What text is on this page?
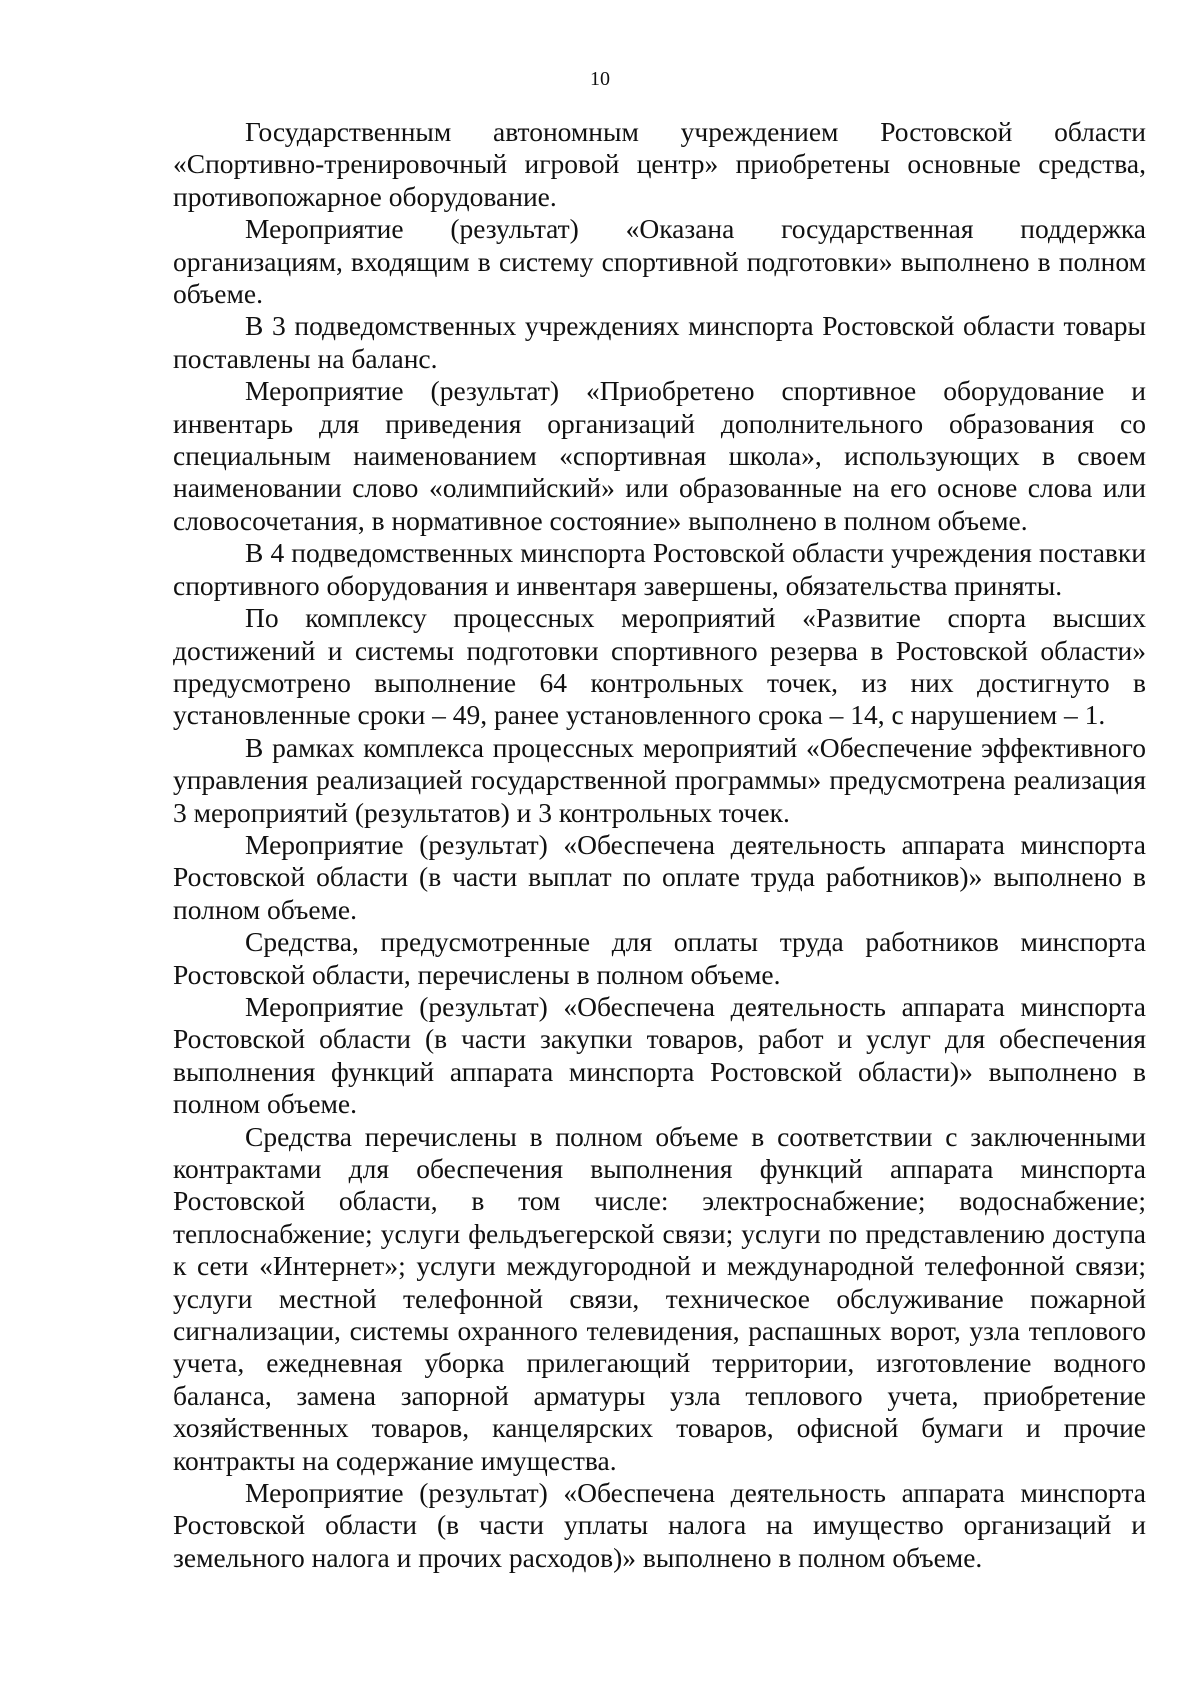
10

Государственным автономным учреждением Ростовской области «Спортивно-тренировочный игровой центр» приобретены основные средства, противопожарное оборудование.

Мероприятие (результат) «Оказана государственная поддержка организациям, входящим в систему спортивной подготовки» выполнено в полном объеме.

В 3 подведомственных учреждениях минспорта Ростовской области товары поставлены на баланс.

Мероприятие (результат) «Приобретено спортивное оборудование и инвентарь для приведения организаций дополнительного образования со специальным наименованием «спортивная школа», использующих в своем наименовании слово «олимпийский» или образованные на его основе слова или словосочетания, в нормативное состояние» выполнено в полном объеме.

В 4 подведомственных минспорта Ростовской области учреждения поставки спортивного оборудования и инвентаря завершены, обязательства приняты.

По комплексу процессных мероприятий «Развитие спорта высших достижений и системы подготовки спортивного резерва в Ростовской области» предусмотрено выполнение 64 контрольных точек, из них достигнуто в установленные сроки – 49, ранее установленного срока – 14, с нарушением – 1.

В рамках комплекса процессных мероприятий «Обеспечение эффективного управления реализацией государственной программы» предусмотрена реализация 3 мероприятий (результатов) и 3 контрольных точек.

Мероприятие (результат) «Обеспечена деятельность аппарата минспорта Ростовской области (в части выплат по оплате труда работников)» выполнено в полном объеме.

Средства, предусмотренные для оплаты труда работников минспорта Ростовской области, перечислены в полном объеме.

Мероприятие (результат) «Обеспечена деятельность аппарата минспорта Ростовской области (в части закупки товаров, работ и услуг для обеспечения выполнения функций аппарата минспорта Ростовской области)» выполнено в полном объеме.

Средства перечислены в полном объеме в соответствии с заключенными контрактами для обеспечения выполнения функций аппарата минспорта Ростовской области, в том числе: электроснабжение; водоснабжение; теплоснабжение; услуги фельдъегерской связи; услуги по представлению доступа к сети «Интернет»; услуги междугородной и международной телефонной связи; услуги местной телефонной связи, техническое обслуживание пожарной сигнализации, системы охранного телевидения, распашных ворот, узла теплового учета, ежедневная уборка прилегающий территории, изготовление водного баланса, замена запорной арматуры узла теплового учета, приобретение хозяйственных товаров, канцелярских товаров, офисной бумаги и прочие контракты на содержание имущества.

Мероприятие (результат) «Обеспечена деятельность аппарата минспорта Ростовской области (в части уплаты налога на имущество организаций и земельного налога и прочих расходов)» выполнено в полном объеме.
